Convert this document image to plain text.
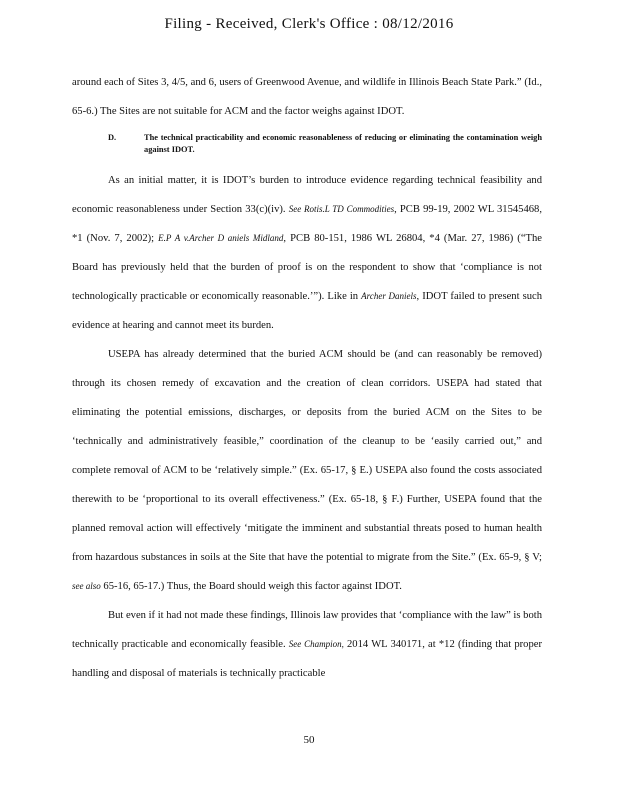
Filing - Received, Clerk's Office : 08/12/2016

around each of Sites 3, 4/5, and 6, users of Greenwood Avenue, and wildlife in Illinois Beach State Park.” (Id., 65-6.) The Sites are not suitable for ACM and the factor weighs against IDOT.

D.	The technical practicability and economic reasonableness of reducing or eliminating the contamination weigh against IDOT.

As an initial matter, it is IDOT’s burden to introduce evidence regarding technical feasibility and economic reasonableness under Section 33(c)(iv). See Rotis.L TD Commodities, PCB 99-19, 2002 WL 31545468, *1 (Nov. 7, 2002); E.P A v.Archer D aniels Midland, PCB 80-151, 1986 WL 26804, *4 (Mar. 27, 1986) (“The Board has previously held that the burden of proof is on the respondent to show that ‘compliance is not technologically practicable or economically reasonable.’”). Like in Archer Daniels, IDOT failed to present such evidence at hearing and cannot meet its burden.

USEPA has already determined that the buried ACM should be (and can reasonably be removed) through its chosen remedy of excavation and the creation of clean corridors. USEPA had stated that eliminating the potential emissions, discharges, or deposits from the buried ACM on the Sites to be ‘technically and administratively feasible,” coordination of the cleanup to be ‘easily carried out,” and complete removal of ACM to be ‘relatively simple.” (Ex. 65-17, § E.) USEPA also found the costs associated therewith to be ‘proportional to its overall effectiveness.” (Ex. 65-18, § F.) Further, USEPA found that the planned removal action will effectively ‘mitigate the imminent and substantial threats posed to human health from hazardous substances in soils at the Site that have the potential to migrate from the Site.” (Ex. 65-9, § V; see also 65-16, 65-17.) Thus, the Board should weigh this factor against IDOT.

But even if it had not made these findings, Illinois law provides that ‘compliance with the law” is both technically practicable and economically feasible. See Champion, 2014 WL 340171, at *12 (finding that proper handling and disposal of materials is technically practicable

50
